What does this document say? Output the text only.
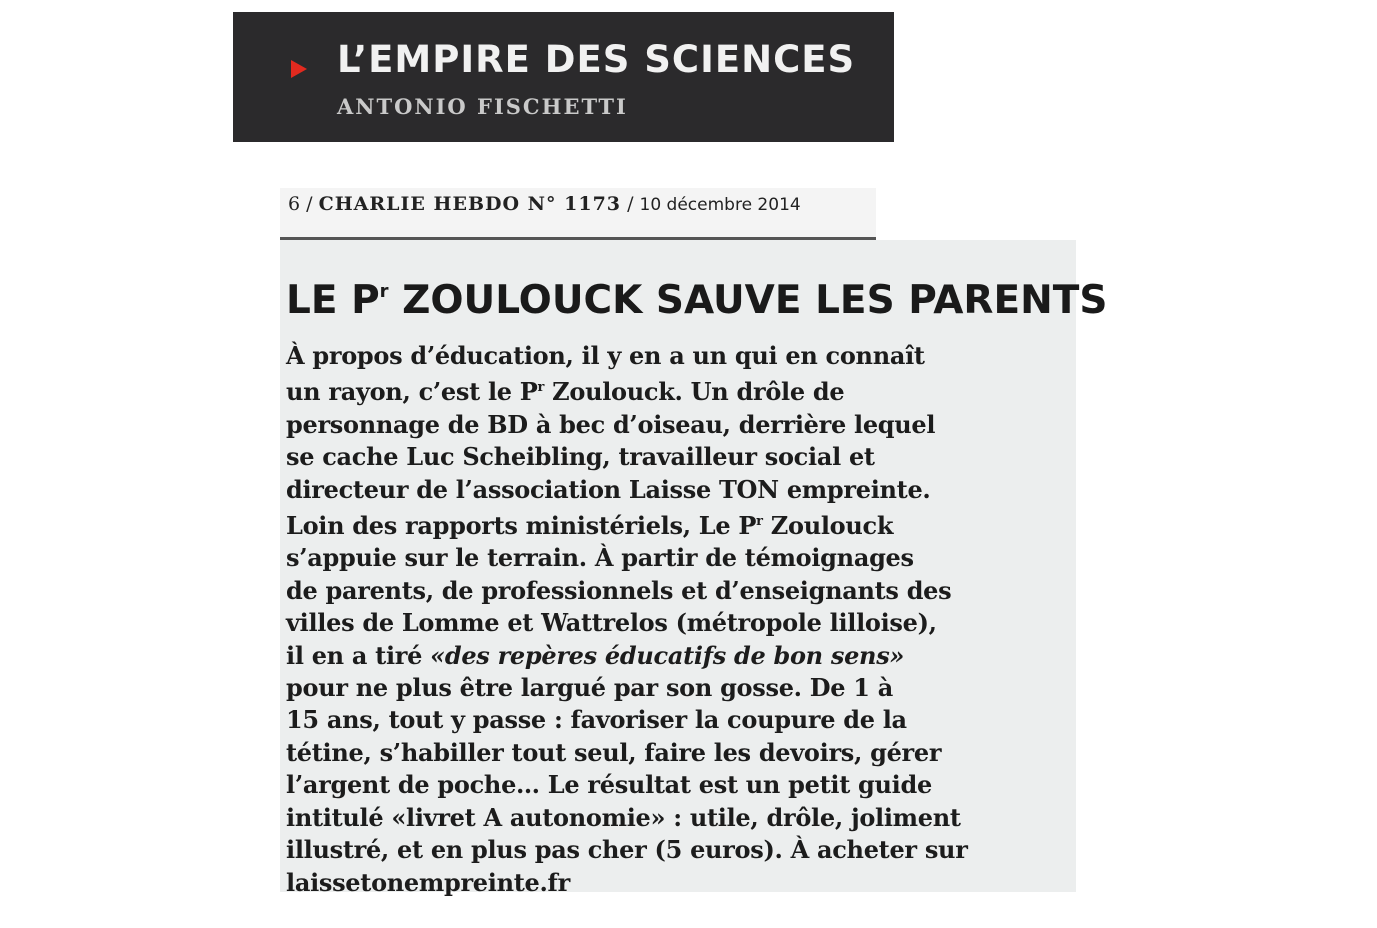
L’EMPIRE DES SCIENCES
ANTONIO FISCHETTI
6 / CHARLIE HEBDO N° 1173 / 10 décembre 2014
LE $P^r$ ZOULOUCK SAUVE LES PARENTS
À propos d’éducation, il y en a un qui en connaît
un rayon, c’est le $P^r$ Zoulouck. Un drôle de
personnage de BD à bec d’oiseau, derrière lequel
se cache Luc Scheibling, travailleur social et
directeur de l’association Laisse TON empreinte.
Loin des rapports ministériels, Le $P^r$ Zoulouck
s’appuie sur le terrain. À partir de témoignages
de parents, de professionnels et d’enseignants des
villes de Lomme et Wattrelos (métropole lilloise),
il en a tiré «des repères éducatifs de bon sens»
pour ne plus être largué par son gosse. De 1 à
15 ans, tout y passe : favoriser la coupure de la
tétine, s’habiller tout seul, faire les devoirs, gérer
l’argent de poche… Le résultat est un petit guide
intitulé «livret A autonomie» : utile, drôle, joliment
illustré, et en plus pas cher (5 euros). À acheter sur
laissetonempreinte.fr
